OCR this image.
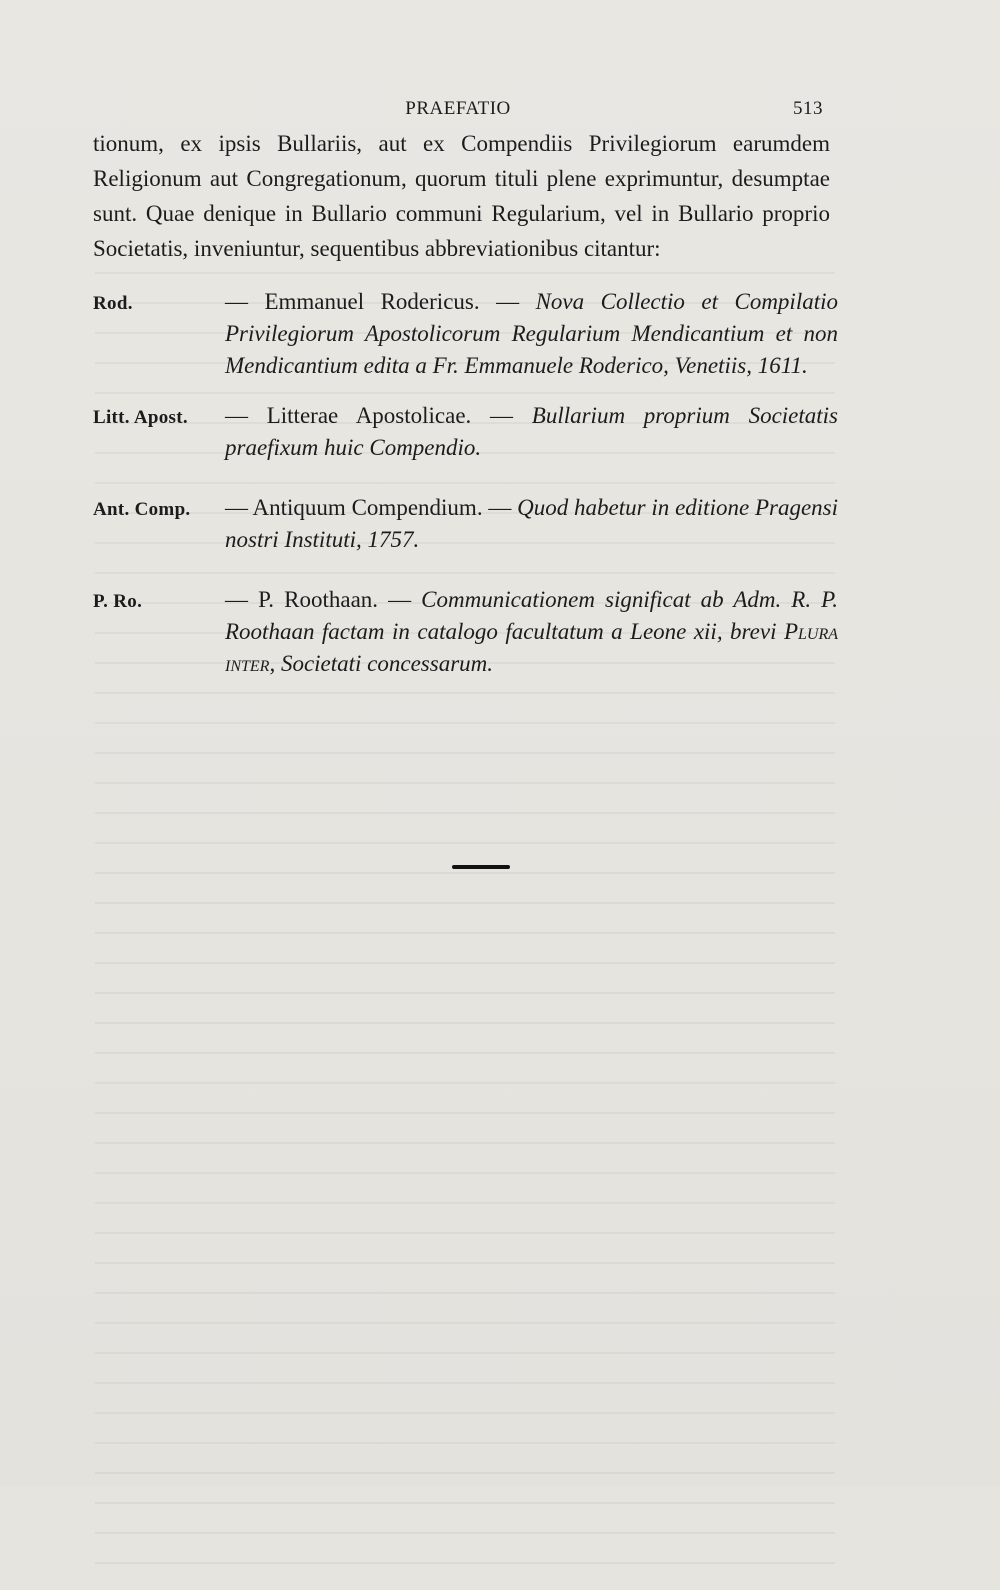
PRAEFATIO	513

tionum, ex ipsis Bullariis, aut ex Compendiis Privilegiorum earumdem Religionum aut Congregationum, quorum tituli plene exprimuntur, desumptae sunt. Quae denique in Bullario communi Regularium, vel in Bullario proprio Societatis, inveniuntur, sequentibus abbreviationibus citantur:

Rod.	— Emmanuel Rodericus. — Nova Collectio et Compilatio Privilegiorum Apostolicorum Regularium Mendicantium et non Mendicantium edita a Fr. Emmanuele Roderico, Venetiis, 1611.
Litt. Apost. — Litterae Apostolicae. — Bullarium proprium Societatis praefixum huic Compendio.
Ant. Comp. — Antiquum Compendium. — Quod habetur in editione Pragensi nostri Instituti, 1757.
P. Ro.	— P. Roothaan. — Communicationem significat ab Adm. R. P. Roothaan factam in catalogo facultatum a Leone xii, brevi Plura inter, Societati concessarum.
